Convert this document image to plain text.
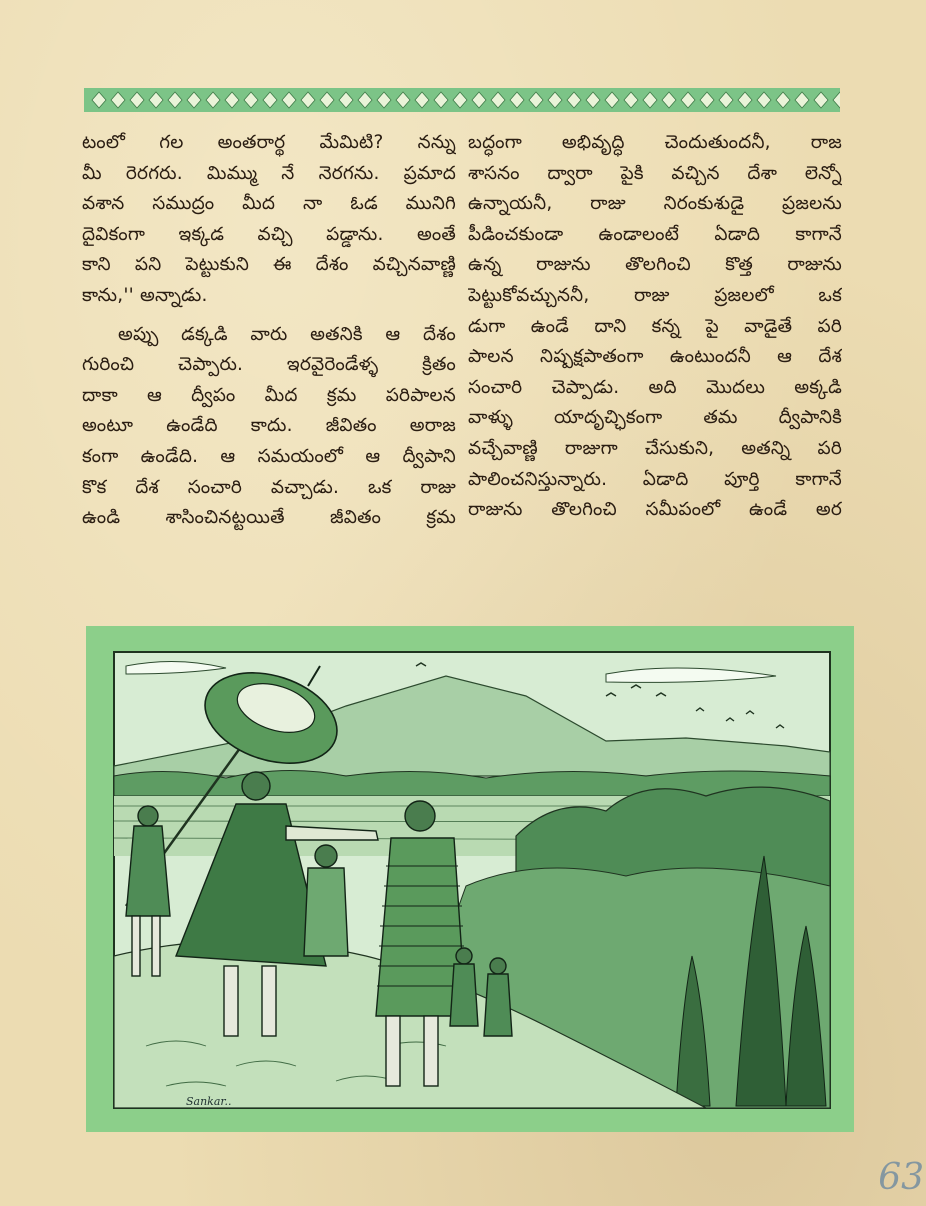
టంలో గల అంతరార్థ మేమిటి? నన్ను
మీ రెరగరు. మిమ్ము నే నెరగను. ప్రమాద
వశాన సముద్రం మీద నా ఓడ మునిగి
దైవికంగా ఇక్కడ వచ్చి పడ్డాను. అంతే
కాని పని పెట్టుకుని ఈ దేశం వచ్చినవాణ్ణి
కాను,'' అన్నాడు.
అప్పు డక్కడి వారు అతనికి ఆ దేశం
గురించి చెప్పారు. ఇరవైరెండేళ్ళ క్రితం
దాకా ఆ ద్వీపం మీద క్రమ పరిపాలన
అంటూ ఉండేది కాదు. జీవితం అరాజ
కంగా ఉండేది. ఆ సమయంలో ఆ ద్వీపాని
కొక దేశ సంచారి వచ్చాడు. ఒక రాజు
ఉండి శాసించినట్టయితే జీవితం క్రమ
బద్ధంగా అభివృద్ధి చెందుతుందనీ, రాజ
శాసనం ద్వారా పైకి వచ్చిన దేశా లెన్నో
ఉన్నాయనీ, రాజు నిరంకుశుడై ప్రజలను
పీడించకుండా ఉండాలంటే ఏడాది కాగానే
ఉన్న రాజును తొలగించి కొత్త రాజును
పెట్టుకోవచ్చుననీ, రాజు ప్రజలలో ఒక
డుగా ఉండే దాని కన్న పై వాడైతే పరి
పాలన నిష్పక్షపాతంగా ఉంటుందనీ ఆ దేశ
సంచారి చెప్పాడు. అది మొదలు అక్కడి
వాళ్ళు యాదృచ్ఛికంగా తమ ద్వీపానికి
వచ్చేవాణ్ణి రాజుగా చేసుకుని, అతన్ని పరి
పాలించనిస్తున్నారు. ఏడాది పూర్తి కాగానే
రాజును తొలగించి సమీపంలో ఉండే అర
Sankar..
63
